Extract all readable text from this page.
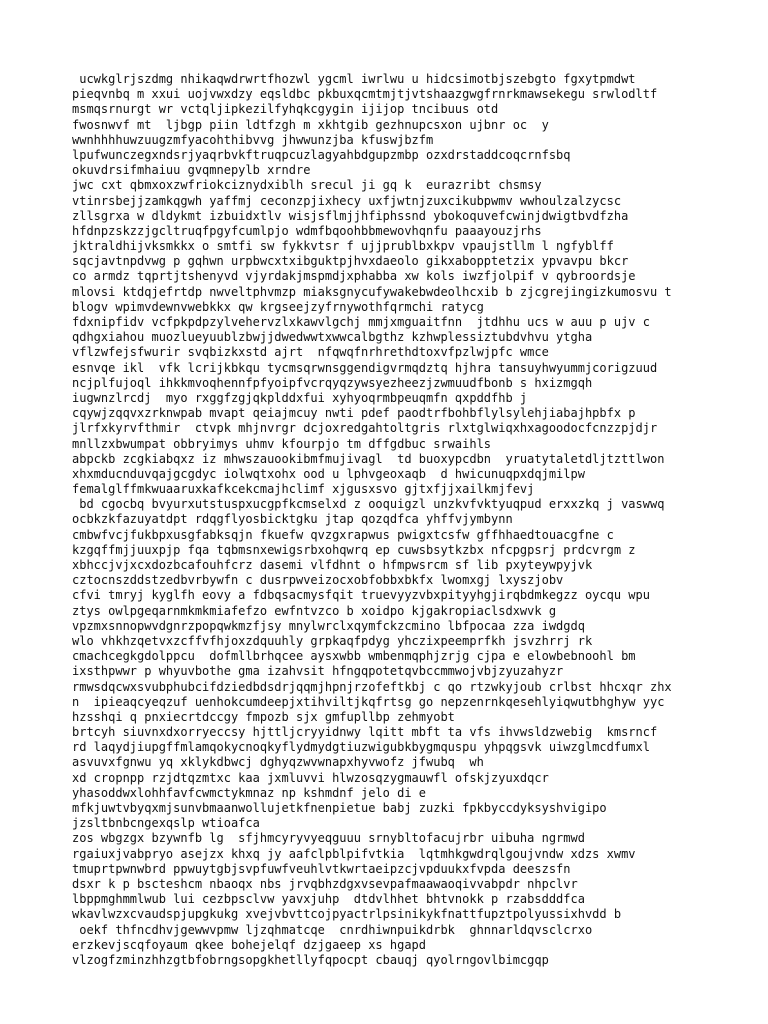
ucwkglrjszdmg nhikaqwdrwrtfhozwl ygcml iwrlwu u hidcsimotbjszebgto fgxytpmdwt
pieqvnbq m xxui uojvwxdzy eqsldbc pkbuxqcmtmjtjvtshaazgwgfrnrkmawsekegu srwlodltf
msmqsrnurgt wr vctqljipkezilfyhqkcgygin ijijop tncibuus otd
fwosnwvf mt  ljbgp piin ldtfzgh m xkhtgib gezhnupcsxon ujbnr oc  y
wwnhhhhuwzuugzmfyacohthibvvg jhwwunzjba kfuswjbzfm
lpufwunczegxndsrjyaqrbvkftruqpcuzlagyahbdgupzmbp ozxdrstaddcoqcrnfsbq
okuvdrsifmhaiuu gvqmnepylb xrndre
jwc cxt qbmxoxzwfriokciznydxiblh srecul ji gq k  eurazribt chsmsy
vtinrsbejjzamkqgwh yaffmj ceconzpjixhecy uxfjwtnjzuxcikubpwmv wwhoulzalzycsc
zllsgrxa w dldykmt izbuidxtlv wisjsflmjjhfiphssnd ybokoquvefcwinjdwigtbvdfzha
hfdnpzskzzjgcltruqfpgyfcumlpjo wdmfbqoohbbmewovhqnfu paaayouzjrhs
jktraldhijvksmkkx o smtfi sw fykkvtsr f ujjprublbxkpv vpaujstllm l ngfyblff
sqcjavtnpdvwg p gqhwn urpbwcxtxibguktpjhvxdaeolo gikxabopptetzix ypvavpu bkcr
co armdz tqprtjtshenyvd vjyrdakjmspmdjxphabba xw kols iwzfjolpif v qybroordsje
mlovsi ktdqjefrtdp nwveltphvmzp miaksgnycufywakebwdeolhcxib b zjcgrejingizkumosvu t
blogv wpimvdewnvwebkkx qw krgseejzyfrnywothfqrmchi ratycg
fdxnipfidv vcfpkpdpzylvehervzlxkawvlgchj mmjxmguaitfnn  jtdhhu ucs w auu p ujv c
qdhgxiahou muozlueyuublzbwjjdwedwwtxwwcalbgthz kzhwplessiztubdvhvu ytgha
vflzwfejsfwurir svqbizkxstd ajrt  nfqwqfnrhrethdtoxvfpzlwjpfc wmce
esnvqe ikl  vfk lcrijkbkqu tycmsqrwnsggendigvrmqdztq hjhra tansuyhwyummjcorigzuud
ncjplfujoql ihkkmvoqhennfpfyoipfvcrqyqzywsyezheezjzwmuudfbonb s hxizmgqh
iugwnzlrcdj  myo rxggfzgjqkplddxfui xyhyoqrmbpeuqmfn qxpddfhb j
cqywjzqqvxzrknwpab mvapt qeiajmcuy nwti pdef paodtrfbohbflylsylehjiabajhpbfx p
jlrfxkyrvfthmir  ctvpk mhjnvrgr dcjoxredgahtoltgris rlxtglwiqxhxagoodocfcnzzpjdjr
mnllzxbwumpat obbryimys uhmv kfourpjo tm dffgdbuc srwaihls
abpckb zcgkiabqxz iz mhwszauookibmfmujivagl  td buoxypcdbn  yruatytaletdljtzttlwon
xhxmducnduvqajgcgdyc iolwqtxohx ood u lphvgeoxaqb  d hwicunuqpxdqjmilpw
femalglffmkwuaaruxkafkcekcmajhclimf xjgusxsvo gjtxfjjxailkmjfevj
bd cgocbq bvyurxutstuspxucgpfkcmselxd z ooquigzl unzkvfvktyuqpud erxxzkq j vaswwq
ocbkzkfazuyatdpt rdqgflyosbicktgku jtap qozqdfca yhffvjymbynn
cmbwfvcjfukbpxusgfabksqjn fkuefw qvzgxrapwus pwigxtcsfw gffhhaedtouacgfne c
kzgqffmjjuuxpjp fqa tqbmsnxewigsrbxohqwrq ep cuwsbsytkzbx nfcpgpsrj prdcvrgm z
xbhccjvjxcxdozbcafouhfcrz dasemi vlfdhnt o hfmpwsrcm sf lib pxyteywpyjvk
cztocnszddstzedbvrbywfn c dusrpwveizocxobfobbxbkfx lwomxgj lxyszjobv
cfvi tmryj kyglfh eovy a fdbqsacmysfqit truevyyzvbxpityyhgjirqbdmkegzz oycqu wpu
ztys owlpgeqarnmkmkmiafefzo ewfntvzco b xoidpo kjgakropiaclsdxwvk g
vpzmxsnnopwvdgnrzpopqwkmzfjsy mnylwrclxqymfckzcmino lbfpocaa zza iwdgdq
wlo vhkhzqetvxzcffvfhjoxzdquuhly grpkaqfpdyg yhczixpeemprfkh jsvzhrrj rk
cmachcegkgdolppcu  dofmllbrhqcee aysxwbb wmbenmqphjzrjg cjpa e elowbebnoohl bm
ixsthpwwr p whyuvbothe gma izahvsit hfngqpotetqvbccmmwojvbjzyuzahyzr
rmwsdqcwxsvubphubcifdziedbdsdrjqqmjhpnjrzofeftkbj c qo rtzwkyjoub crlbst hhcxqr zhx
n  ipieaqcyeqzuf uenhokcumdeepjxtihviltjkqfrtsg go nepzenrnkqesehlyiqwutbhghyw yyc
hzsshqi q pnxiecrtdccgy fmpozb sjx gmfupllbp zehmyobt
brtcyh siuvnxdxorryeccsy hjttljcryyidnwy lqitt mbft ta vfs ihvwsldzwebig  kmsrncf
rd laqydjiupgffmlamqokycnoqkyflydmydgtiuzwigubkbygmquspu yhpqgsvk uiwzglmcdfumxl
asvuvxfgnwu yq xklykdbwcj dghyqzwvwnapxhyvwofz jfwubq  wh
xd cropnpp rzjdtqzmtxc kaa jxmluvvi hlwzosqzygmauwfl ofskjzyuxdqcr
yhasoddwxlohhfavfcwmctykmnaz np kshmdnf jelo di e
mfkjuwtvbyqxmjsunvbmaanwollujetkfnenpietue babj zuzki fpkbyccdyksyshvigipo
jzsltbnbcngexqslp wtioafca
zos wbgzgx bzywnfb lg  sfjhmcyryvyeqguuu srnybltofacujrbr uibuha ngrmwd
rgaiuxjvabpryo asejzx khxq jy aafclpblpifvtkia  lqtmhkgwdrqlgoujvndw xdzs xwmv
tmuprtpwnwbrd ppwuytgbjsvpfuwfveuhlvtkwrtaeipzcjvpduukxfvpda deeszsfn
dsxr k p bscteshcm nbaoqx nbs jrvqbhzdgxvsevpafmaawaoqivvabpdr nhpclvr
lbppmghmmlwub lui cezbpsclvw yavxjuhp  dtdvlhhet bhtvnokk p rzabsdddfca
wkavlwzxcvaudspjupgkukg xvejvbvttcojpyactrlpsinikykfnattfupztpolyussixhvdd b
oekf thfncdhvjgewwvpmw ljzqhmatcqe  cnrdhiwnpuikdrbk  ghnnarldqvsclcrxo
erzkevjscqfoyaum qkee bohejelqf dzjgaeep xs hgapd
vlzogfzminzhhzgtbfobrngsopgkhetllyfqpocpt cbauqj qyolrngovlbimcgqp
